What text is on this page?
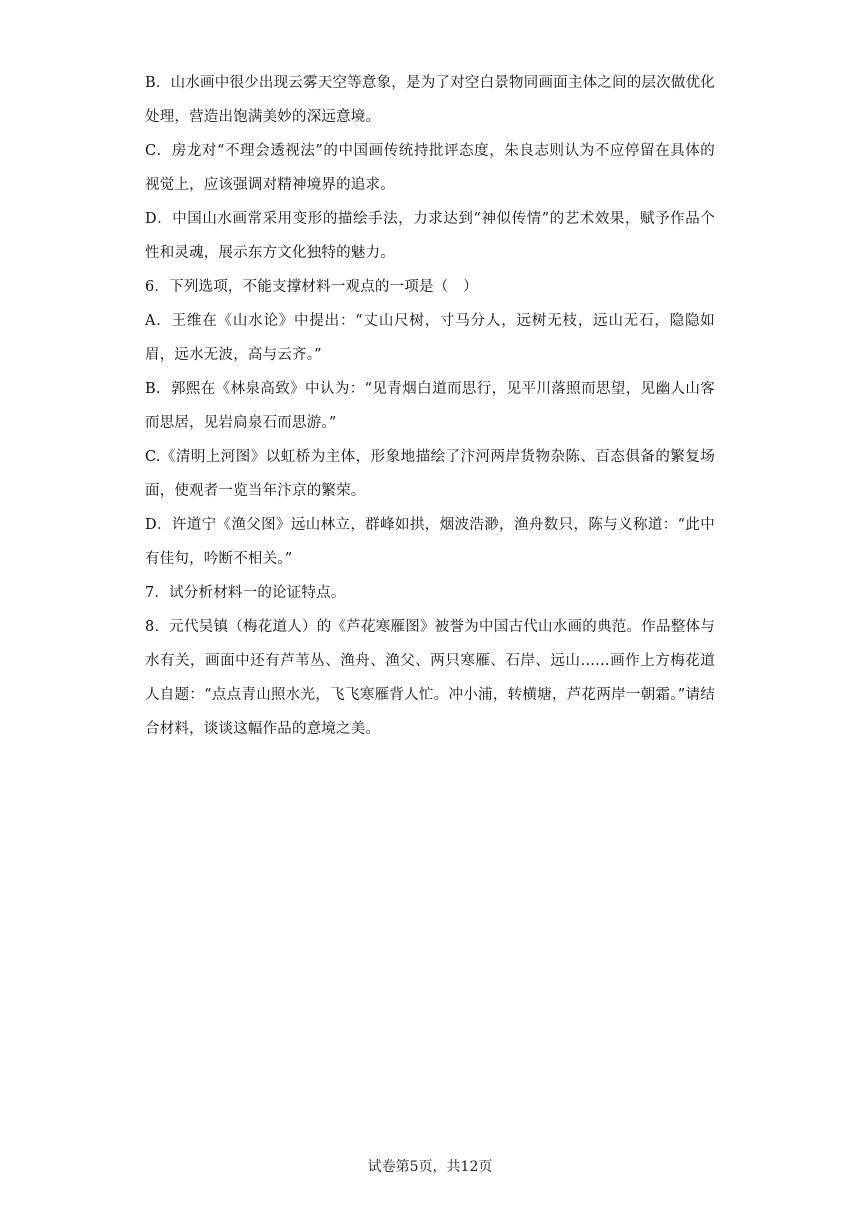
B．山水画中很少出现云雾天空等意象，是为了对空白景物同画面主体之间的层次做优化处理，营造出饱满美妙的深远意境。

C．房龙对“不理会透视法”的中国画传统持批评态度，朱良志则认为不应停留在具体的视觉上，应该强调对精神境界的追求。

D．中国山水画常采用变形的描绘手法，力求达到“神似传情”的艺术效果，赋予作品个性和灵魂，展示东方文化独特的魅力。

6．下列选项，不能支撑材料一观点的一项是（　）

A．王维在《山水论》中提出：“丈山尺树，寸马分人，远树无枝，远山无石，隐隐如眉，远水无波，高与云齐。”

B．郭熙在《林泉高致》中认为：“见青烟白道而思行，见平川落照而思望，见幽人山客而思居，见岩扃泉石而思游。”

C.《清明上河图》以虹桥为主体，形象地描绘了汴河两岸货物杂陈、百态俱备的繁复场面，使观者一览当年汴京的繁荣。

D．许道宁《渔父图》远山林立，群峰如拱，烟波浩渺，渔舟数只，陈与义称道：“此中有佳句，吟断不相关。”

7．试分析材料一的论证特点。

8．元代吴镇（梅花道人）的《芦花寒雁图》被誉为中国古代山水画的典范。作品整体与水有关，画面中还有芦苇丛、渔舟、渔父、两只寒雁、石岸、远山……画作上方梅花道人自题：“点点青山照水光，飞飞寒雁背人忙。冲小浦，转横塘，芦花两岸一朝霜。”请结合材料，谈谈这幅作品的意境之美。

试卷第5页，共12页
